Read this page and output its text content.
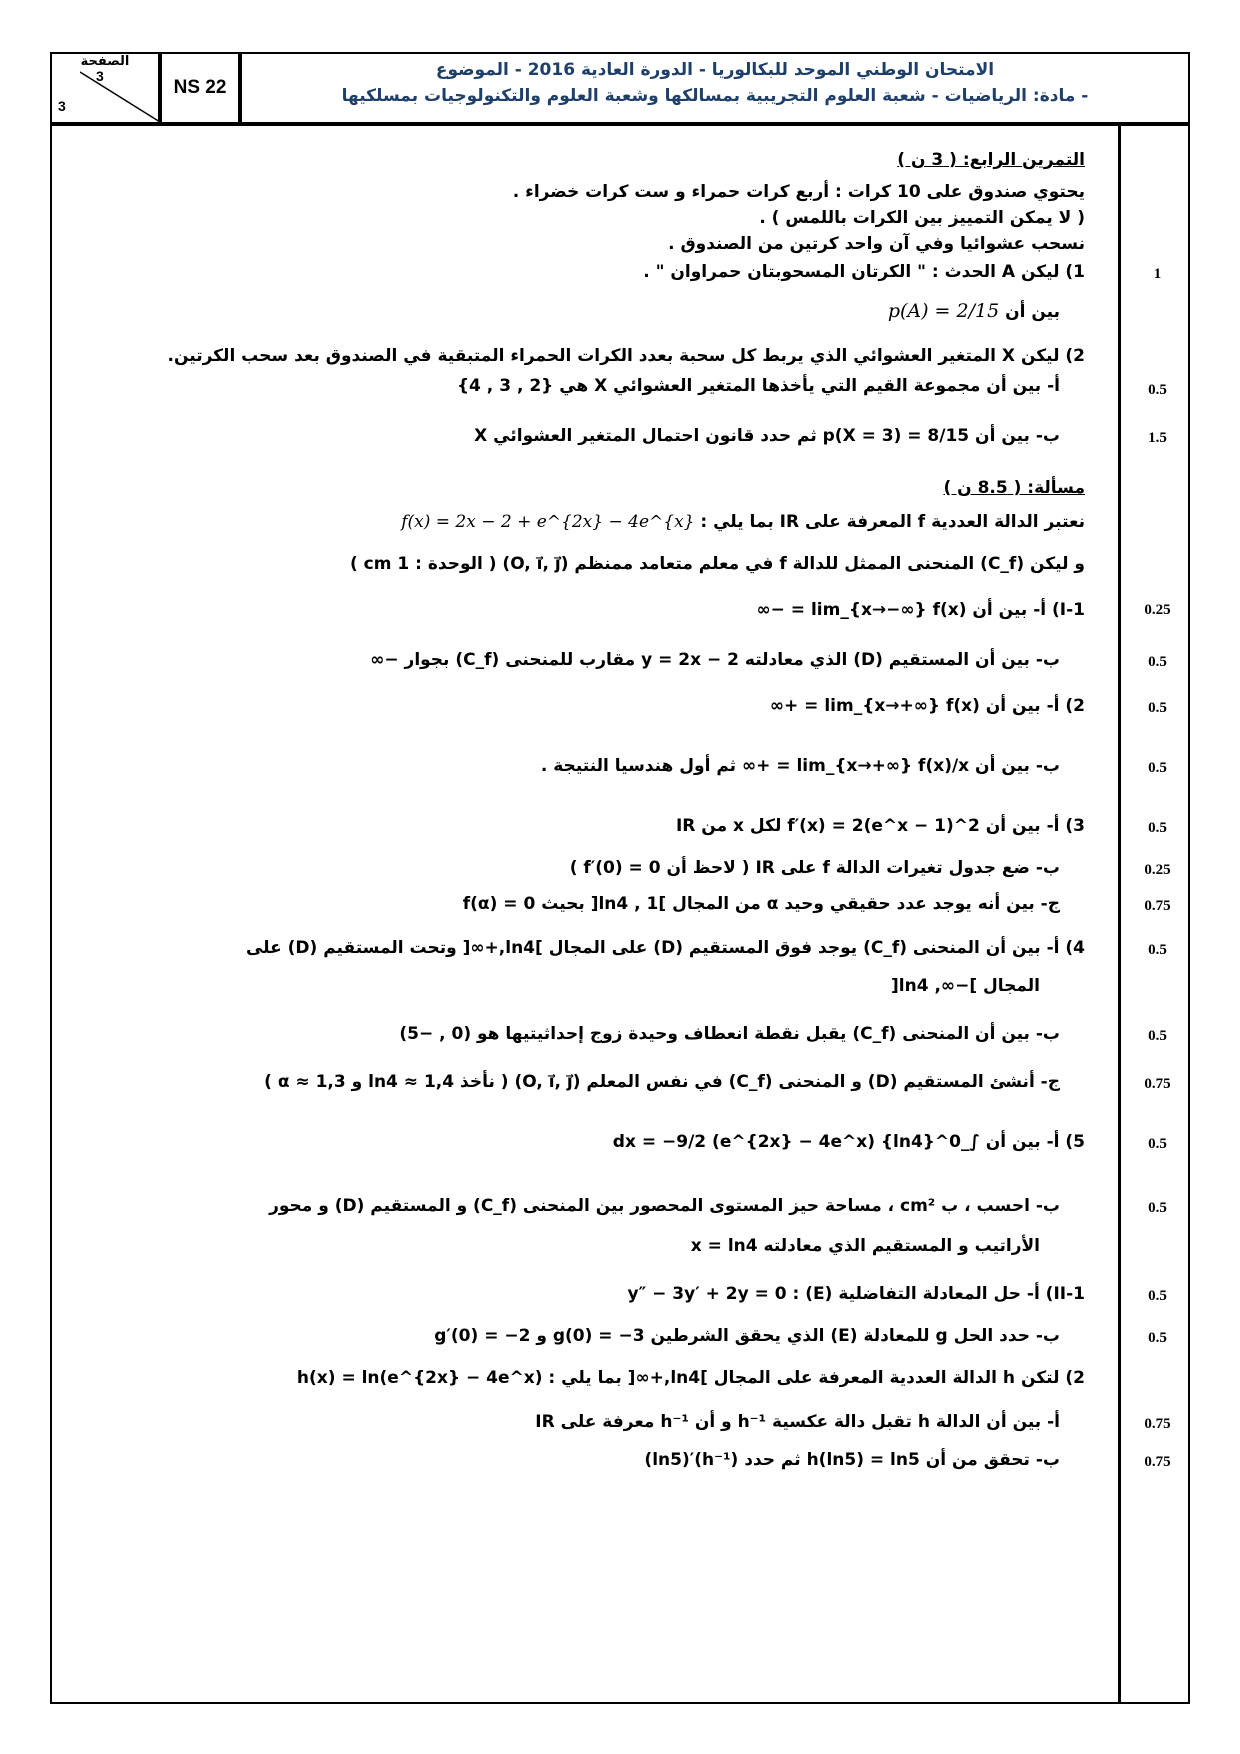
الصفحة
3
3
NS 22
الامتحان الوطني الموحد للبكالوريا - الدورة العادية 2016 - الموضوع
- مادة: الرياضيات - شعبة العلوم التجريبية بمسالكها وشعبة العلوم والتكنولوجيات بمسلكيها
التمرين الرابع: ( 3 ن )
يحتوي صندوق على 10 كرات : أربع كرات حمراء و ست كرات خضراء .
( لا يمكن التمييز بين الكرات باللمس ) .
نسحب عشوائيا وفي آن واحد كرتين من الصندوق .
1) ليكن A الحدث : " الكرتان المسحوبتان حمراوان " .	1
بين أن p(A) = 2/15
2) ليكن X المتغير العشوائي الذي يربط كل سحبة بعدد الكرات الحمراء المتبقية في الصندوق بعد سحب الكرتين.
أ- بين أن مجموعة القيم التي يأخذها المتغير العشوائي X هي {2 , 3 , 4}	0.5
ب- بين أن p(X = 3) = 8/15 ثم حدد قانون احتمال المتغير العشوائي X	1.5
مسألة: ( 8.5 ن )
نعتبر الدالة العددية f المعرفة على IR بما يلي : f(x) = 2x − 2 + e^{2x} − 4e^{x}
و ليكن (C_f) المنحنى الممثل للدالة f في معلم متعامد ممنظم (O, i⃗, j⃗) ( الوحدة : 1 cm )
I-1) أ- بين أن lim_{x→−∞} f(x) = −∞	0.25
ب- بين أن المستقيم (D) الذي معادلته y = 2x − 2 مقارب للمنحنى (C_f) بجوار −∞	0.5
2) أ- بين أن lim_{x→+∞} f(x) = +∞	0.5
ب- بين أن lim_{x→+∞} f(x)/x = +∞ ثم أول هندسيا النتيجة .	0.5
3) أ- بين أن f′(x) = 2(e^x − 1)^2 لكل x من IR	0.5
ب- ضع جدول تغيرات الدالة f على IR ( لاحظ أن f′(0) = 0 )	0.25
ج- بين أنه يوجد عدد حقيقي وحيد α من المجال ]1 , ln4[ بحيث f(α) = 0	0.75
4) أ- بين أن المنحنى (C_f) يوجد فوق المستقيم (D) على المجال ]ln4,+∞[ وتحت المستقيم (D) على	0.5
المجال ]−∞, ln4[
ب- بين أن المنحنى (C_f) يقبل نقطة انعطاف وحيدة زوج إحداثيتيها هو (0 , −5)	0.5
ج- أنشئ المستقيم (D) و المنحنى (C_f) في نفس المعلم (O, i⃗, j⃗) ( نأخذ ln4 ≈ 1,4 و α ≈ 1,3 )	0.75
5) أ- بين أن ∫_0^{ln4} (e^{2x} − 4e^x) dx = −9/2	0.5
ب- احسب ، ب cm² ، مساحة حيز المستوى المحصور بين المنحنى (C_f) و المستقيم (D) و محور	0.5
الأراتيب و المستقيم الذي معادلته x = ln4
II-1) أ- حل المعادلة التفاضلية (E) : y″ − 3y′ + 2y = 0	0.5
ب- حدد الحل g للمعادلة (E) الذي يحقق الشرطين g(0) = −3 و g′(0) = −2	0.5
2) لتكن h الدالة العددية المعرفة على المجال ]ln4,+∞[ بما يلي : h(x) = ln(e^{2x} − 4e^x)
أ- بين أن الدالة h تقبل دالة عكسية h⁻¹ و أن h⁻¹ معرفة على IR	0.75
ب- تحقق من أن h(ln5) = ln5 ثم حدد (h⁻¹)′(ln5)	0.75
